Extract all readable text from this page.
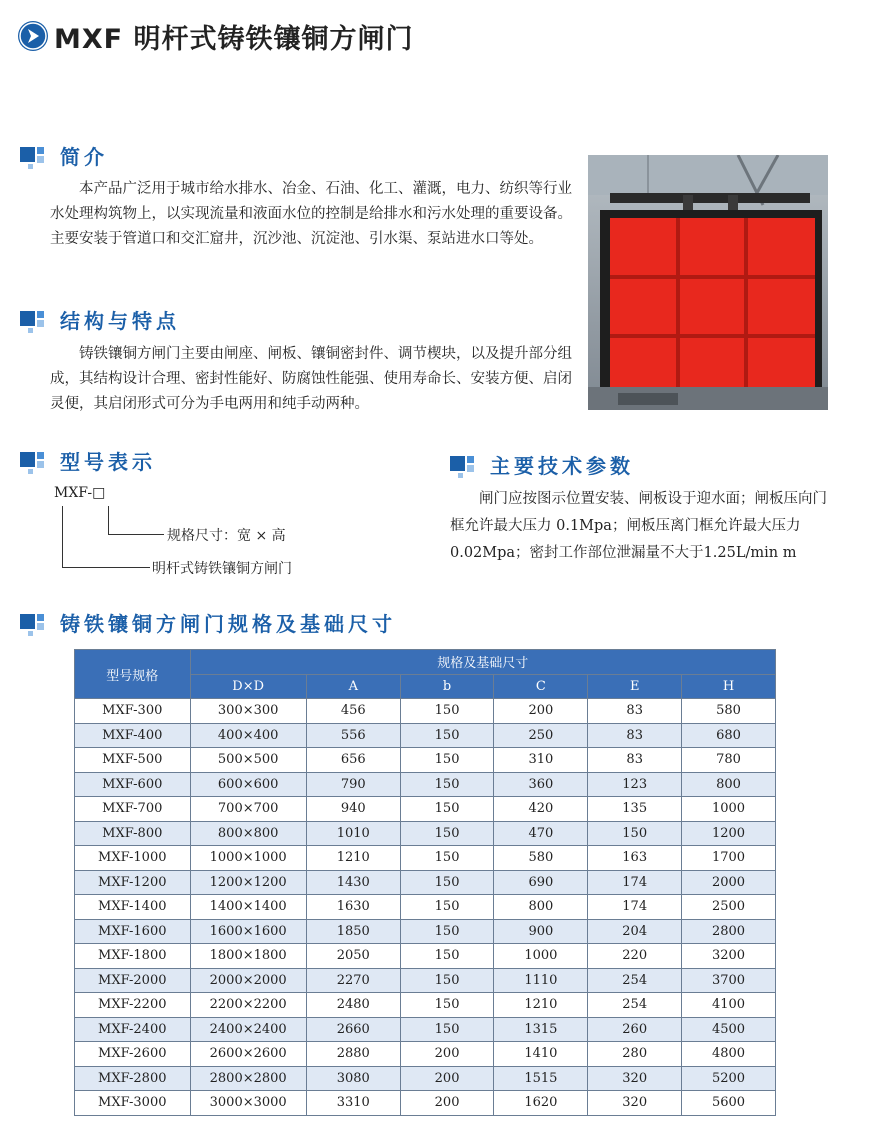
MXF 明杆式铸铁镶铜方闸门
简介
本产品广泛用于城市给水排水、冶金、石油、化工、灌溉，电力、纺织等行业水处理构筑物上，以实现流量和液面水位的控制是给排水和污水处理的重要设备。主要安装于管道口和交汇窟井，沉沙池、沉淀池、引水渠、泵站进水口等处。
结构与特点
铸铁镶铜方闸门主要由闸座、闸板、镶铜密封件、调节楔块，以及提升部分组成，其结构设计合理、密封性能好、防腐蚀性能强、使用寿命长、安装方便、启闭灵便，其启闭形式可分为手电两用和纯手动两种。
型号表示
MXF-□
规格尺寸：宽 × 高
明杆式铸铁镶铜方闸门
主要技术参数
闸门应按图示位置安装、闸板设于迎水面；闸板压向门框允许最大压力 0.1Mpa；闸板压离门框允许最大压力 0.02Mpa；密封工作部位泄漏量不大于1.25L/min m
铸铁镶铜方闸门规格及基础尺寸
型号规格	规格及基础尺寸					
	D×D	A	b	C	E	H
MXF-300	300×300	456	150	200	83	580
MXF-400	400×400	556	150	250	83	680
MXF-500	500×500	656	150	310	83	780
MXF-600	600×600	790	150	360	123	800
MXF-700	700×700	940	150	420	135	1000
MXF-800	800×800	1010	150	470	150	1200
MXF-1000	1000×1000	1210	150	580	163	1700
MXF-1200	1200×1200	1430	150	690	174	2000
MXF-1400	1400×1400	1630	150	800	174	2500
MXF-1600	1600×1600	1850	150	900	204	2800
MXF-1800	1800×1800	2050	150	1000	220	3200
MXF-2000	2000×2000	2270	150	1110	254	3700
MXF-2200	2200×2200	2480	150	1210	254	4100
MXF-2400	2400×2400	2660	150	1315	260	4500
MXF-2600	2600×2600	2880	200	1410	280	4800
MXF-2800	2800×2800	3080	200	1515	320	5200
MXF-3000	3000×3000	3310	200	1620	320	5600
